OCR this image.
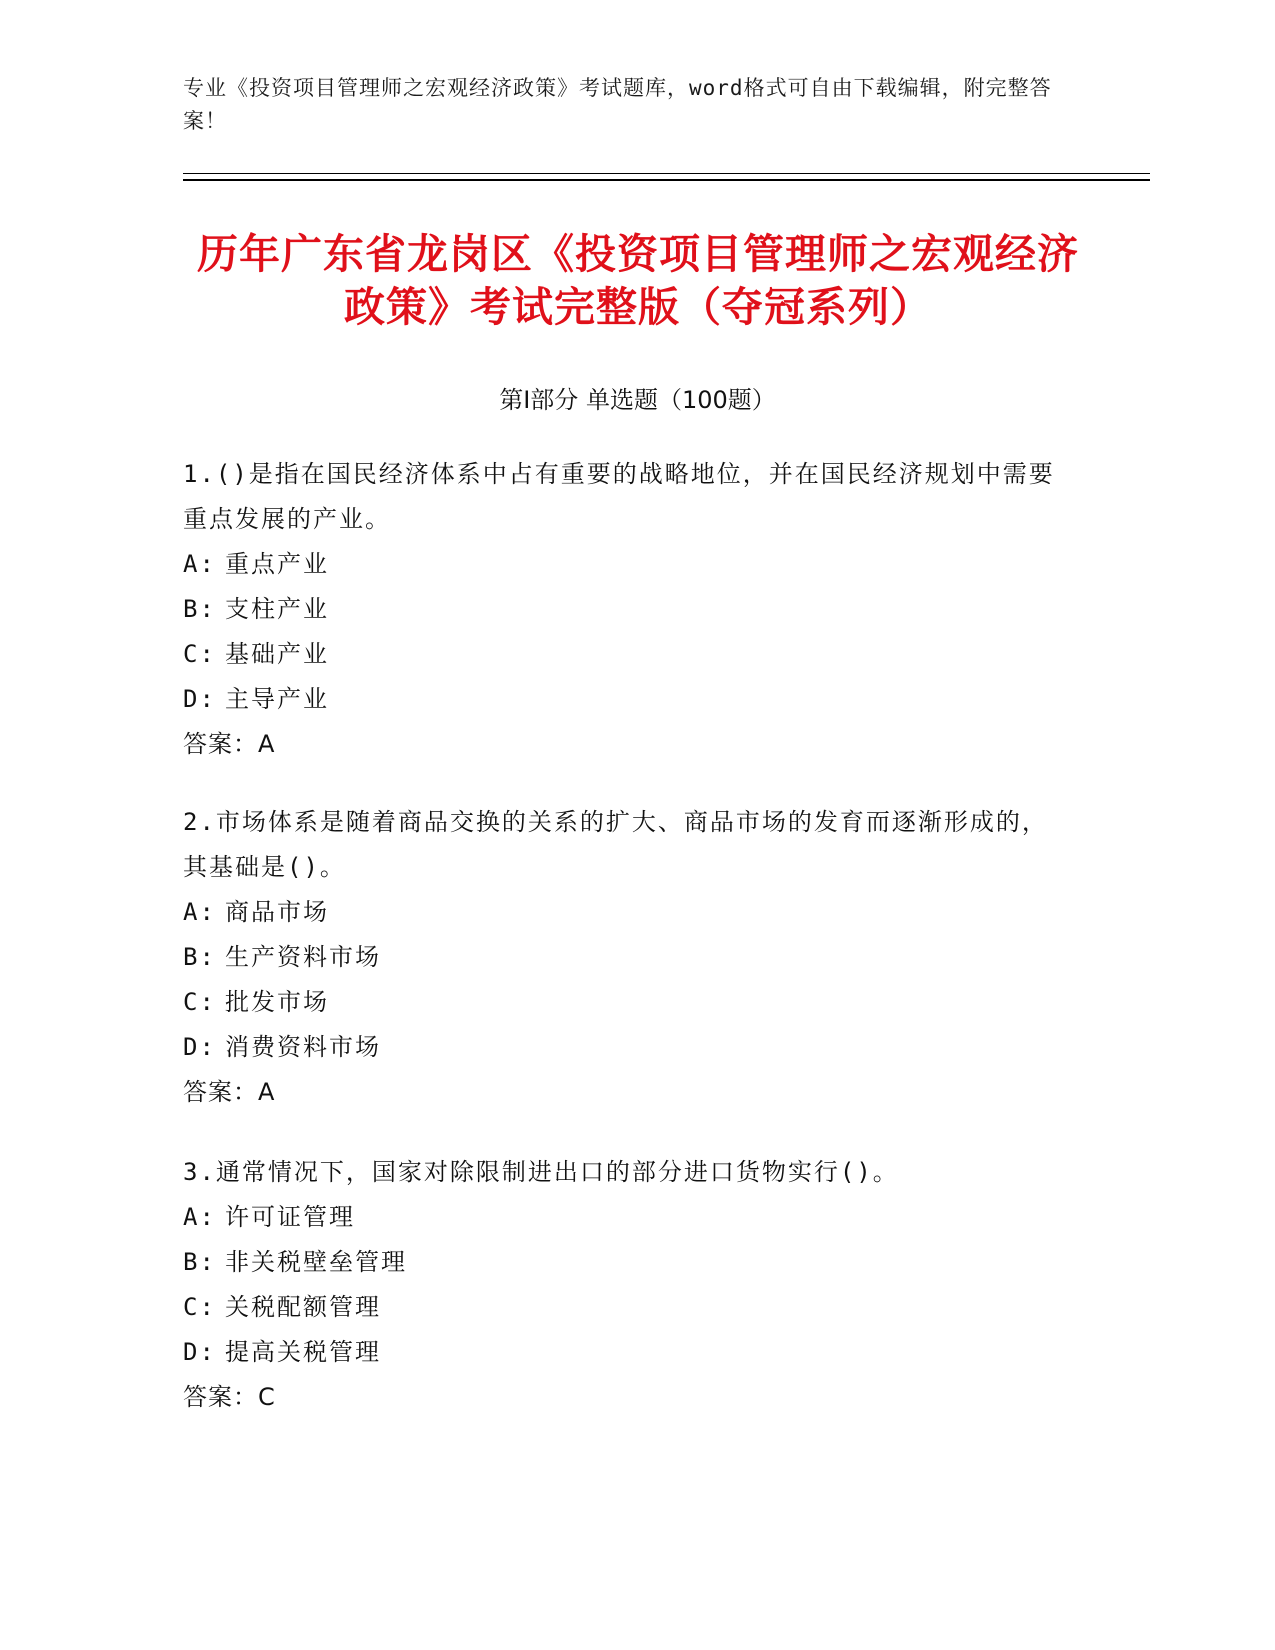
专业《投资项目管理师之宏观经济政策》考试题库，word格式可自由下载编辑，附完整答案！
历年广东省龙岗区《投资项目管理师之宏观经济政策》考试完整版（夺冠系列）
第Ⅰ部分 单选题（100题）
1.()是指在国民经济体系中占有重要的战略地位，并在国民经济规划中需要重点发展的产业。
A: 重点产业
B: 支柱产业
C: 基础产业
D: 主导产业
答案：A
2.市场体系是随着商品交换的关系的扩大、商品市场的发育而逐渐形成的，其基础是()。
A: 商品市场
B: 生产资料市场
C: 批发市场
D: 消费资料市场
答案：A
3.通常情况下，国家对除限制进出口的部分进口货物实行()。
A: 许可证管理
B: 非关税壁垒管理
C: 关税配额管理
D: 提高关税管理
答案：C
